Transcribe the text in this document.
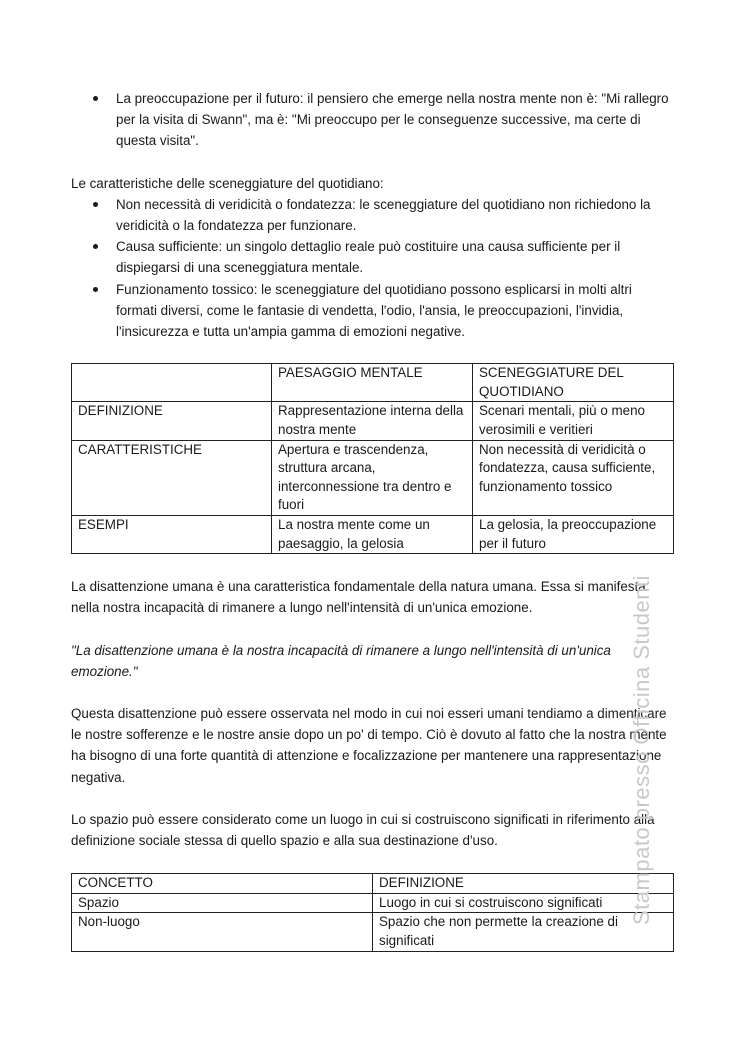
La preoccupazione per il futuro: il pensiero che emerge nella nostra mente non è: "Mi rallegro per la visita di Swann", ma è: "Mi preoccupo per le conseguenze successive, ma certe di questa visita".

Le caratteristiche delle sceneggiature del quotidiano:

Non necessità di veridicità o fondatezza: le sceneggiature del quotidiano non richiedono la veridicità o la fondatezza per funzionare.
Causa sufficiente: un singolo dettaglio reale può costituire una causa sufficiente per il dispiegarsi di una sceneggiatura mentale.
Funzionamento tossico: le sceneggiature del quotidiano possono esplicarsi in molti altri formati diversi, come le fantasie di vendetta, l'odio, l'ansia, le preoccupazioni, l'invidia, l'insicurezza e tutta un'ampia gamma di emozioni negative.
	PAESAGGIO MENTALE	SCENEGGIATURE DEL QUOTIDIANO
DEFINIZIONE	Rappresentazione interna della nostra mente	Scenari mentali, più o meno verosimili e veritieri
CARATTERISTICHE	Apertura e trascendenza, struttura arcana, interconnessione tra dentro e fuori	Non necessità di veridicità o fondatezza, causa sufficiente, funzionamento tossico
ESEMPI	La nostra mente come un paesaggio, la gelosia	La gelosia, la preoccupazione per il futuro

La disattenzione umana è una caratteristica fondamentale della natura umana. Essa si manifesta nella nostra incapacità di rimanere a lungo nell'intensità di un'unica emozione.

"La disattenzione umana è la nostra incapacità di rimanere a lungo nell'intensità di un'unica emozione."

Questa disattenzione può essere osservata nel modo in cui noi esseri umani tendiamo a dimenticare le nostre sofferenze e le nostre ansie dopo un po' di tempo. Ciò è dovuto al fatto che la nostra mente ha bisogno di una forte quantità di attenzione e focalizzazione per mantenere una rappresentazione negativa.

Lo spazio può essere considerato come un luogo in cui si costruiscono significati in riferimento alla definizione sociale stessa di quello spazio e alla sua destinazione d'uso.

CONCETTO	DEFINIZIONE
Spazio	Luogo in cui si costruiscono significati
Non-luogo	Spazio che non permette la creazione di significati
Stampato presso Officina Studenti
